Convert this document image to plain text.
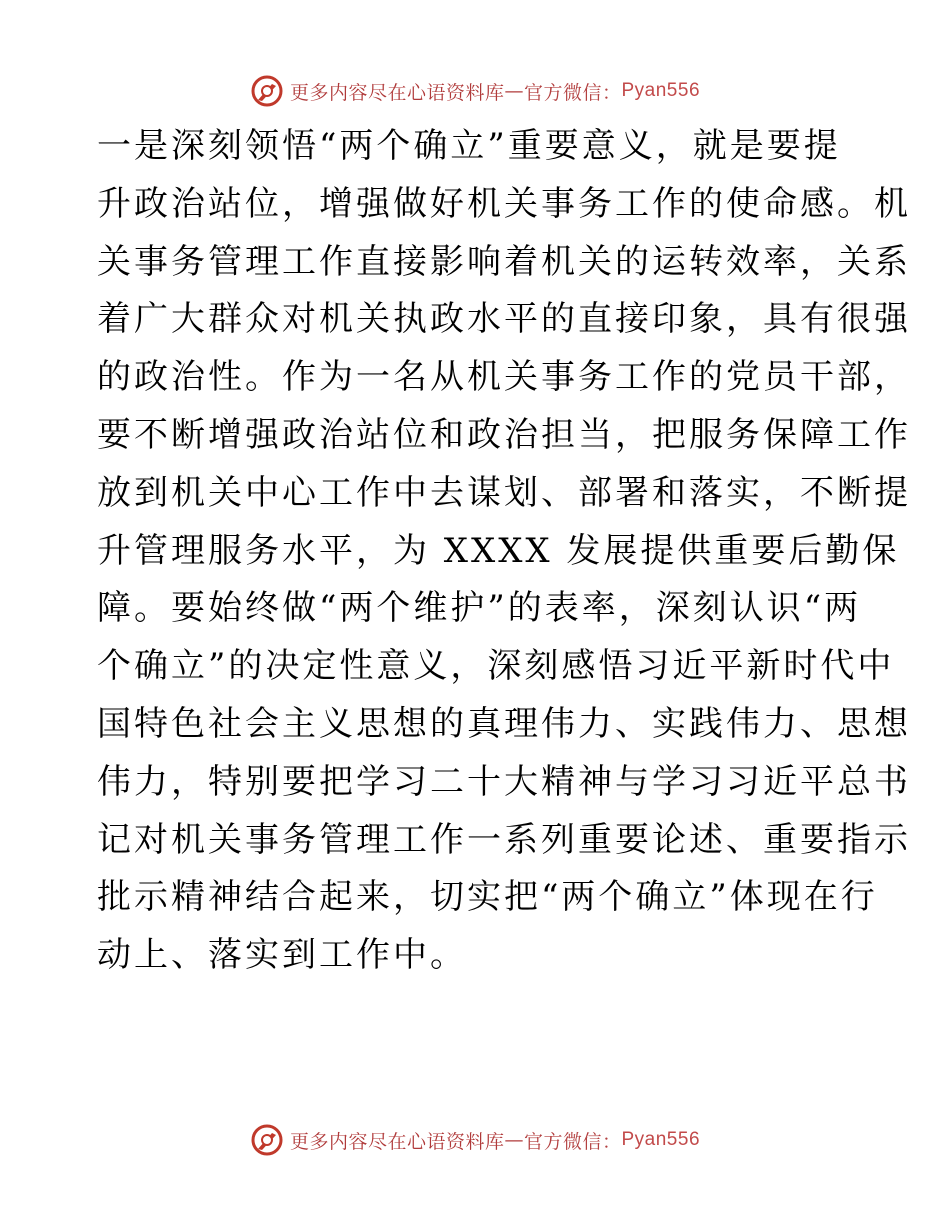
更多内容尽在心语资料库 — 官方微信： Pyan556
一是深刻领悟“两个确立”重要意义，就是要提
升政治站位，增强做好机关事务工作的使命感。机
关事务管理工作直接影响着机关的运转效率，关系
着广大群众对机关执政水平的直接印象，具有很强
的政治性。作为一名从机关事务工作的党员干部，
要不断增强政治站位和政治担当，把服务保障工作
放到机关中心工作中去谋划、部署和落实，不断提
升管理服务水平，为 XXXX 发展提供重要后勤保
障。要始终做“两个维护”的表率，深刻认识“两
个确立”的决定性意义，深刻感悟习近平新时代中
国特色社会主义思想的真理伟力、实践伟力、思想
伟力，特别要把学习二十大精神与学习习近平总书
记对机关事务管理工作一系列重要论述、重要指示
批示精神结合起来，切实把“两个确立”体现在行
动上、落实到工作中。
更多内容尽在心语资料库 — 官方微信： Pyan556
